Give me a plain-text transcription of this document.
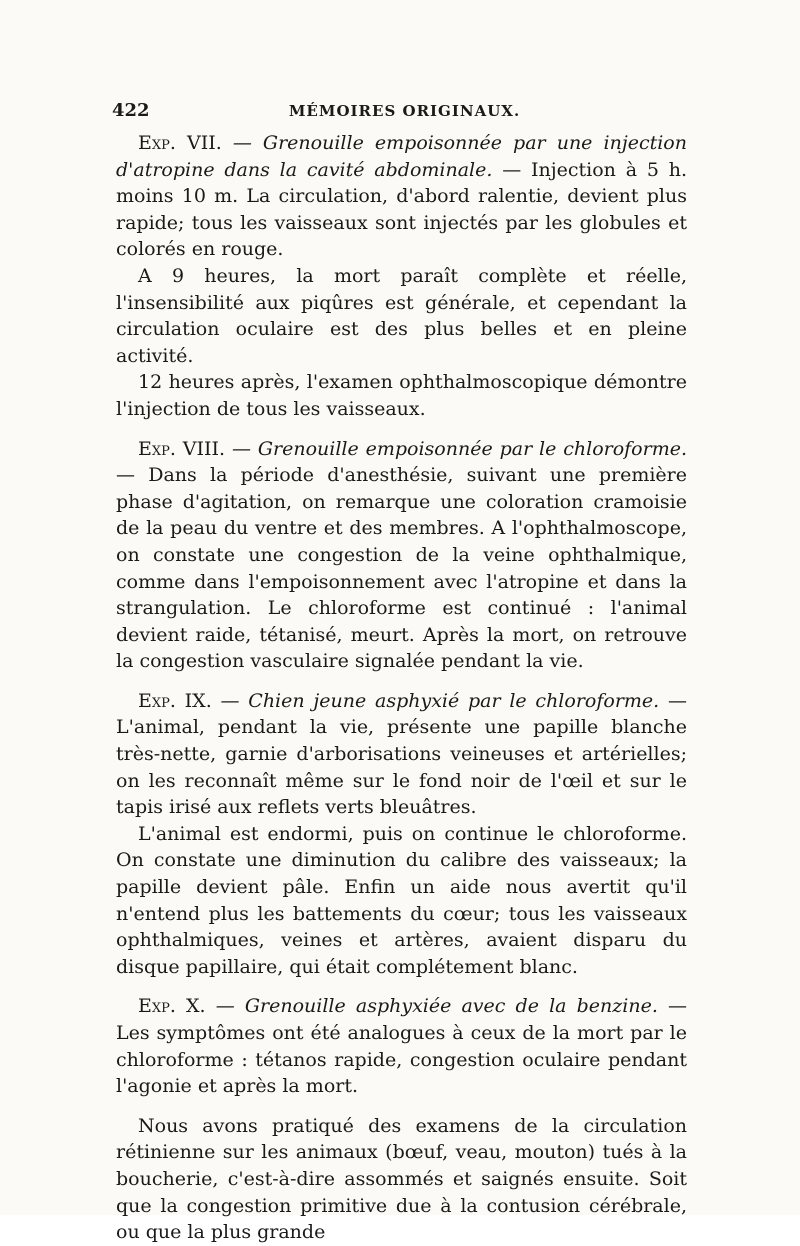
422	MÉMOIRES ORIGINAUX.

Exp. VII. — Grenouille empoisonnée par une injection d'atropine dans la cavité abdominale. — Injection à 5 h. moins 10 m. La circulation, d'abord ralentie, devient plus rapide; tous les vaisseaux sont injectés par les globules et colorés en rouge.

A 9 heures, la mort paraît complète et réelle, l'insensibilité aux piqûres est générale, et cependant la circulation oculaire est des plus belles et en pleine activité.

12 heures après, l'examen ophthalmoscopique démontre l'injection de tous les vaisseaux.

Exp. VIII. — Grenouille empoisonnée par le chloroforme. — Dans la période d'anesthésie, suivant une première phase d'agitation, on remarque une coloration cramoisie de la peau du ventre et des membres. A l'ophthalmoscope, on constate une congestion de la veine ophthalmique, comme dans l'empoisonnement avec l'atropine et dans la strangulation. Le chloroforme est continué : l'animal devient raide, tétanisé, meurt. Après la mort, on retrouve la congestion vasculaire signalée pendant la vie.

Exp. IX. — Chien jeune asphyxié par le chloroforme. — L'animal, pendant la vie, présente une papille blanche très-nette, garnie d'arborisations veineuses et artérielles; on les reconnaît même sur le fond noir de l'œil et sur le tapis irisé aux reflets verts bleuâtres.

L'animal est endormi, puis on continue le chloroforme. On constate une diminution du calibre des vaisseaux; la papille devient pâle. Enfin un aide nous avertit qu'il n'entend plus les battements du cœur; tous les vaisseaux ophthalmiques, veines et artères, avaient disparu du disque papillaire, qui était complétement blanc.

Exp. X. — Grenouille asphyxiée avec de la benzine. — Les symptômes ont été analogues à ceux de la mort par le chloroforme : tétanos rapide, congestion oculaire pendant l'agonie et après la mort.

Nous avons pratiqué des examens de la circulation rétinienne sur les animaux (bœuf, veau, mouton) tués à la boucherie, c'est-à-dire assommés et saignés ensuite. Soit que la congestion primitive due à la contusion cérébrale, ou que la plus grande
